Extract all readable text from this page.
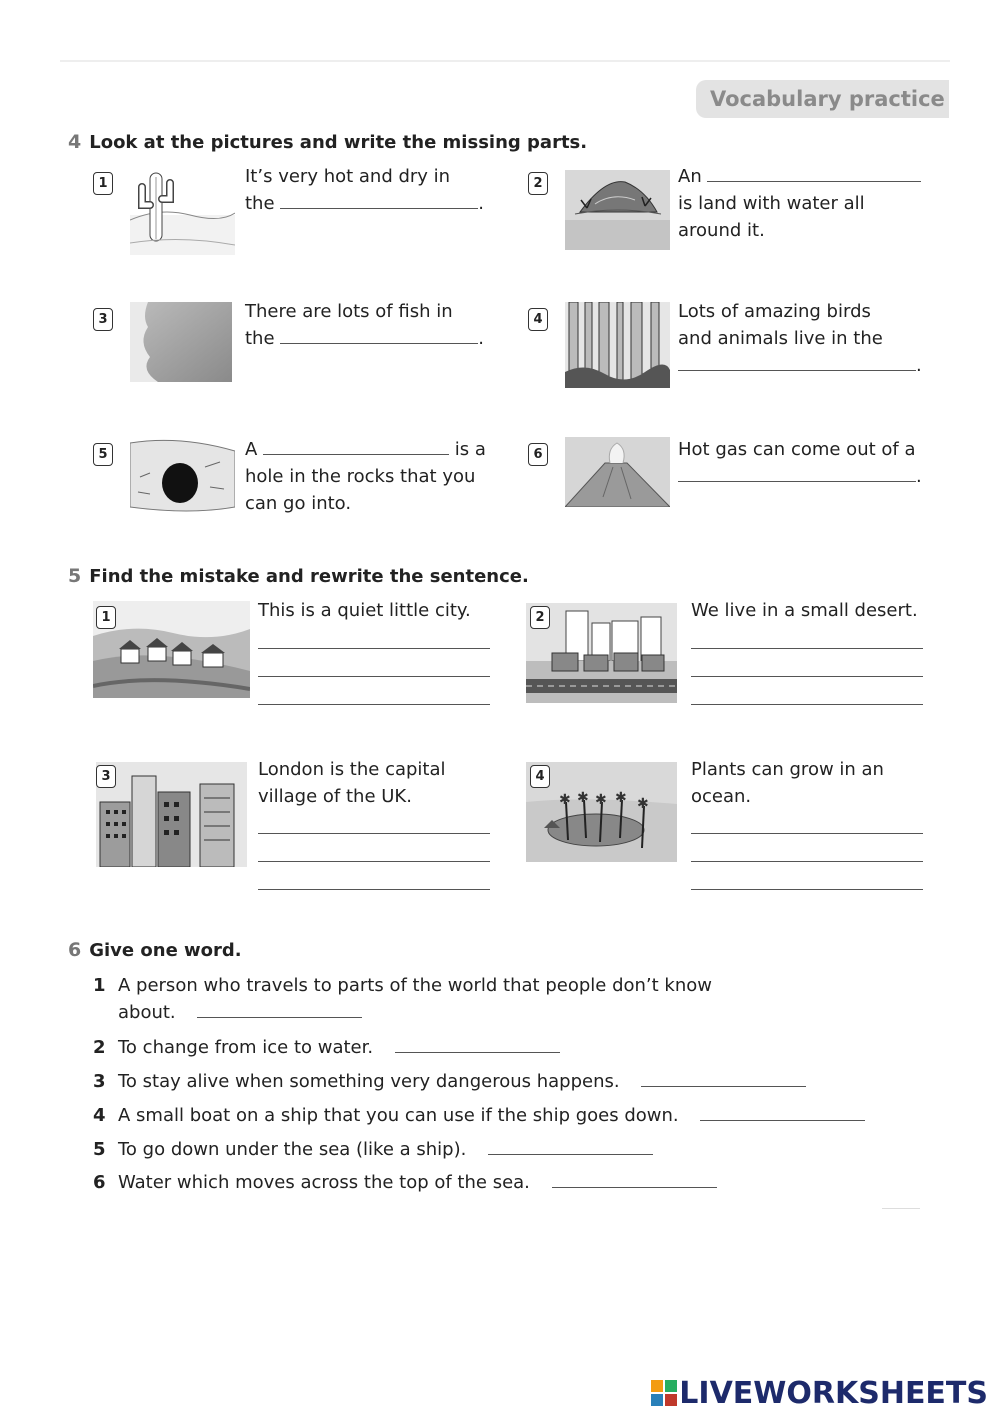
Vocabulary practice
4 Look at the pictures and write the missing parts.
1	It’s very hot and dry in
the	.
2	An
is land with water all
around it.
3	There are lots of fish in
the	.
4	Lots of amazing birds
and animals live in the
.
5	A	is a
hole in the rocks that you
can go into.
6	Hot gas can come out of a
.
5 Find the mistake and rewrite the sentence.
1	This is a quiet little city.	2	We live in a small desert.
3	London is the capital
village of the UK.	✱ ✱ ✱ ✱ ✱
4	Plants can grow in an
ocean.
6 Give one word.
1 A person who travels to parts of the world that people don’t know
about.
2 To change from ice to water.
3 To stay alive when something very dangerous happens.
4 A small boat on a ship that you can use if the ship goes down.
5 To go down under the sea (like a ship).
6 Water which moves across the top of the sea.
LIVEWORKSHEETS
